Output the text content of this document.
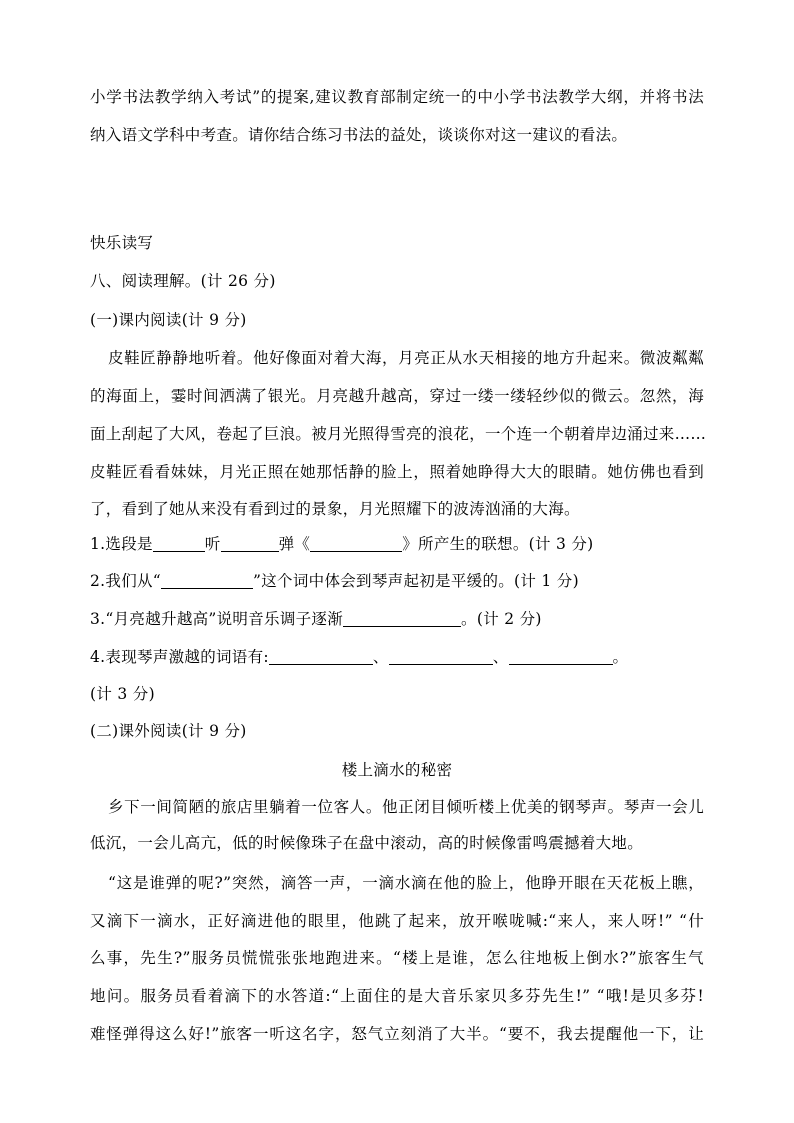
小学书法教学纳入考试”的提案,建议教育部制定统一的中小学书法教学大纲，并将书法
纳入语文学科中考查。请你结合练习书法的益处，谈谈你对这一建议的看法。
快乐读写
八、阅读理解。(计 26 分)
(一)课内阅读(计 9 分)
皮鞋匠静静地听着。他好像面对着大海，月亮正从水天相接的地方升起来。微波粼粼
的海面上，霎时间洒满了银光。月亮越升越高，穿过一缕一缕轻纱似的微云。忽然，海
面上刮起了大风，卷起了巨浪。被月光照得雪亮的浪花，一个连一个朝着岸边涌过来……
皮鞋匠看看妹妹，月光正照在她那恬静的脸上，照着她睁得大大的眼睛。她仿佛也看到
了，看到了她从来没有看到过的景象，月光照耀下的波涛汹涌的大海。
1.选段是	听	弹《	》所产生的联想。(计 3 分)
2.我们从“	”这个词中体会到琴声起初是平缓的。(计 1 分)
3.“月亮越升越高”说明音乐调子逐渐	。(计 2 分)
4.表现琴声激越的词语有:	、	、	。
(计 3 分)
(二)课外阅读(计 9 分)
楼上滴水的秘密
乡下一间简陋的旅店里躺着一位客人。他正闭目倾听楼上优美的钢琴声。琴声一会儿
低沉，一会儿高亢，低的时候像珠子在盘中滚动，高的时候像雷鸣震撼着大地。
“这是谁弹的呢?”突然，滴答一声，一滴水滴在他的脸上，他睁开眼在天花板上瞧，
又滴下一滴水，正好滴进他的眼里，他跳了起来，放开喉咙喊:“来人，来人呀!” “什
么事，先生?”服务员慌慌张张地跑进来。“楼上是谁，怎么往地板上倒水?”旅客生气
地问。服务员看着滴下的水答道:“上面住的是大音乐家贝多芬先生!” “哦!是贝多芬!
难怪弹得这么好!”旅客一听这名字，怒气立刻消了大半。“要不，我去提醒他一下，让
